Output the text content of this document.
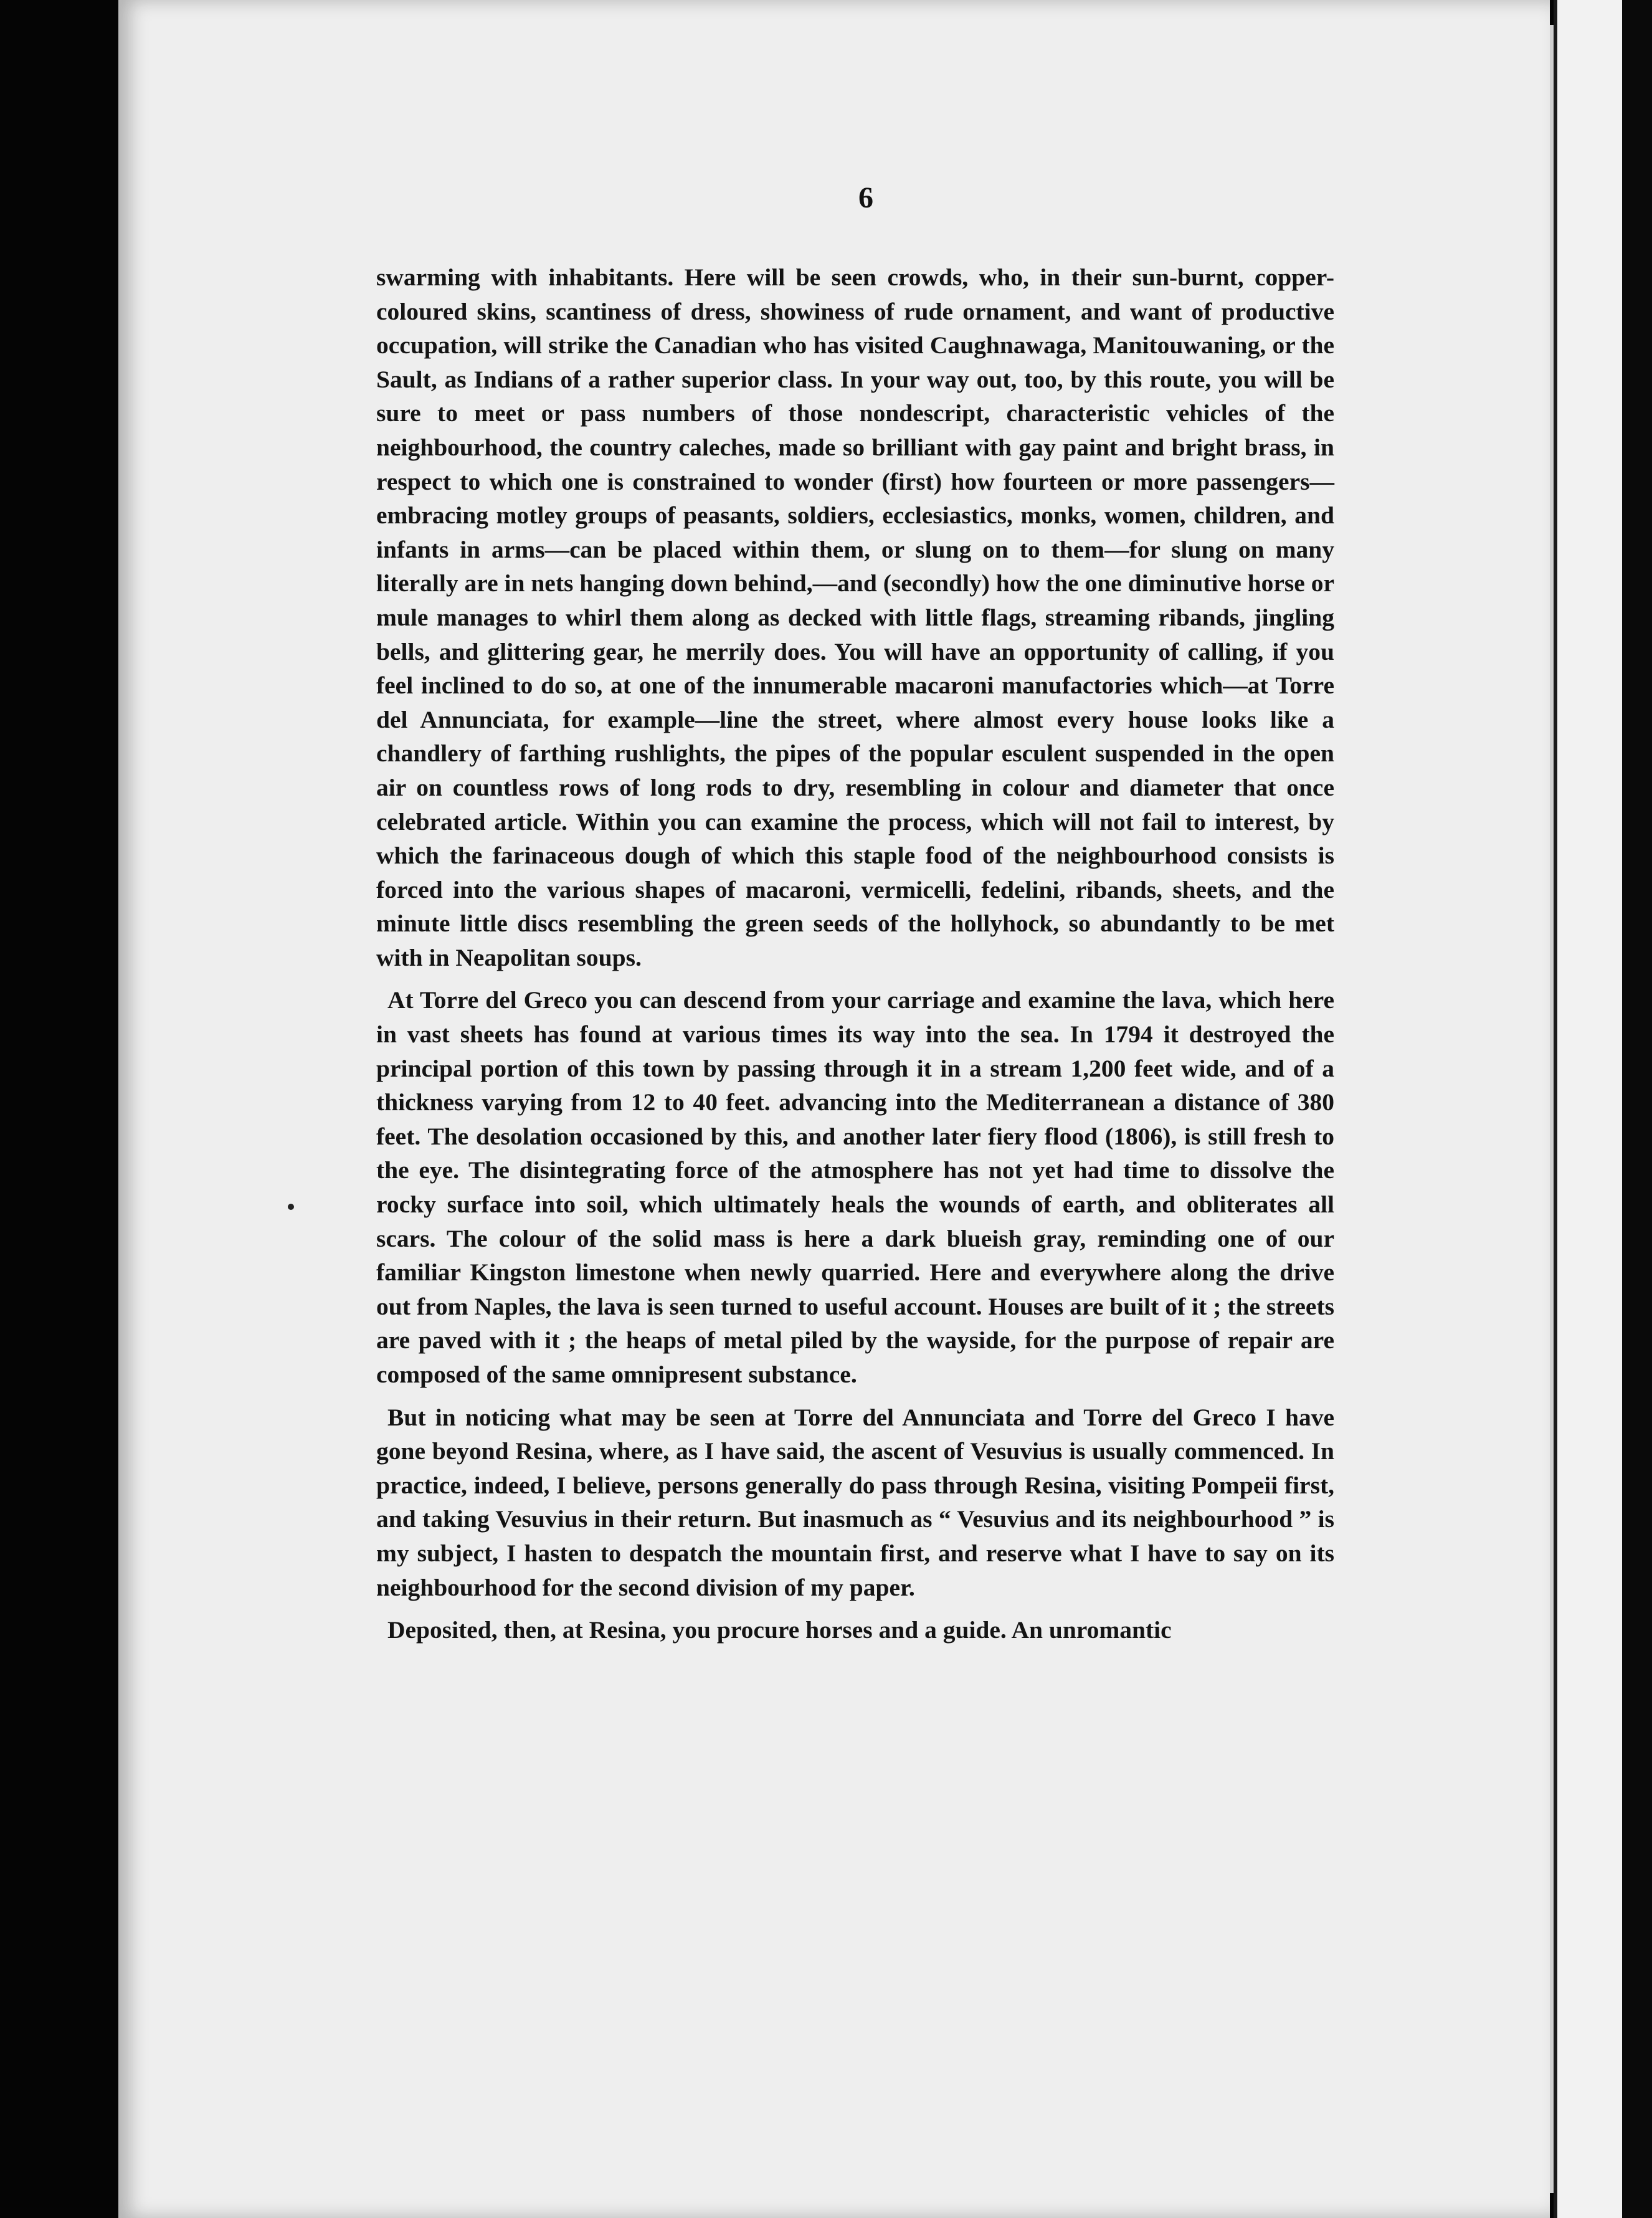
6

swarming with inhabitants. Here will be seen crowds, who, in their sun-burnt, copper-coloured skins, scantiness of dress, showiness of rude ornament, and want of productive occupation, will strike the Canadian who has visited Caughnawaga, Manitouwaning, or the Sault, as Indians of a rather superior class. In your way out, too, by this route, you will be sure to meet or pass numbers of those nondescript, characteristic vehicles of the neighbourhood, the country caleches, made so brilliant with gay paint and bright brass, in respect to which one is constrained to wonder (first) how fourteen or more passengers—embracing motley groups of peasants, soldiers, ecclesiastics, monks, women, children, and infants in arms—can be placed within them, or slung on to them—for slung on many literally are in nets hanging down behind,—and (secondly) how the one diminutive horse or mule manages to whirl them along as decked with little flags, streaming ribands, jingling bells, and glittering gear, he merrily does. You will have an opportunity of calling, if you feel inclined to do so, at one of the innumerable macaroni manufactories which—at Torre del Annunciata, for example—line the street, where almost every house looks like a chandlery of farthing rushlights, the pipes of the popular esculent suspended in the open air on countless rows of long rods to dry, resembling in colour and diameter that once celebrated article. Within you can examine the process, which will not fail to interest, by which the farinaceous dough of which this staple food of the neighbourhood consists is forced into the various shapes of macaroni, vermicelli, fedelini, ribands, sheets, and the minute little discs resembling the green seeds of the hollyhock, so abundantly to be met with in Neapolitan soups.

At Torre del Greco you can descend from your carriage and examine the lava, which here in vast sheets has found at various times its way into the sea. In 1794 it destroyed the principal portion of this town by passing through it in a stream 1,200 feet wide, and of a thickness varying from 12 to 40 feet. advancing into the Mediterranean a distance of 380 feet. The desolation occasioned by this, and another later fiery flood (1806), is still fresh to the eye. The disintegrating force of the atmosphere has not yet had time to dissolve the rocky surface into soil, which ultimately heals the wounds of earth, and obliterates all scars. The colour of the solid mass is here a dark blueish gray, reminding one of our familiar Kingston limestone when newly quarried. Here and everywhere along the drive out from Naples, the lava is seen turned to useful account. Houses are built of it ; the streets are paved with it ; the heaps of metal piled by the wayside, for the purpose of repair are composed of the same omnipresent substance.

But in noticing what may be seen at Torre del Annunciata and Torre del Greco I have gone beyond Resina, where, as I have said, the ascent of Vesuvius is usually commenced. In practice, indeed, I believe, persons generally do pass through Resina, visiting Pompeii first, and taking Vesuvius in their return. But inasmuch as “ Vesuvius and its neighbourhood ” is my subject, I hasten to despatch the mountain first, and reserve what I have to say on its neighbourhood for the second division of my paper.

Deposited, then, at Resina, you procure horses and a guide. An unromantic
